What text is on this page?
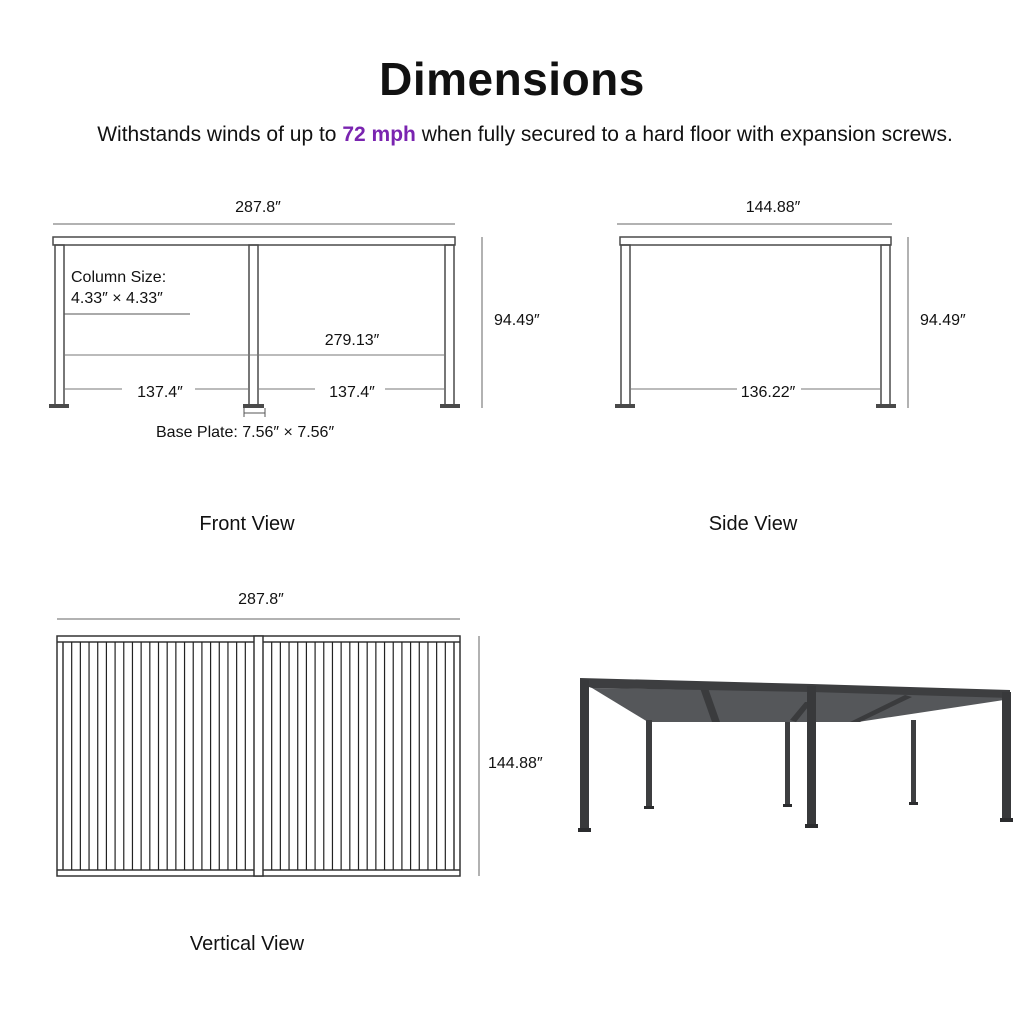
Dimensions
Withstands winds of up to 72 mph when fully secured to a hard floor with expansion screws.
287.8″
Column Size:
4.33″ × 4.33″
279.13″
137.4″	137.4″
94.49″
Base Plate: 7.56″ × 7.56″
Front View
144.88″
136.22″
94.49″
Side View
287.8″
144.88″
Vertical View
